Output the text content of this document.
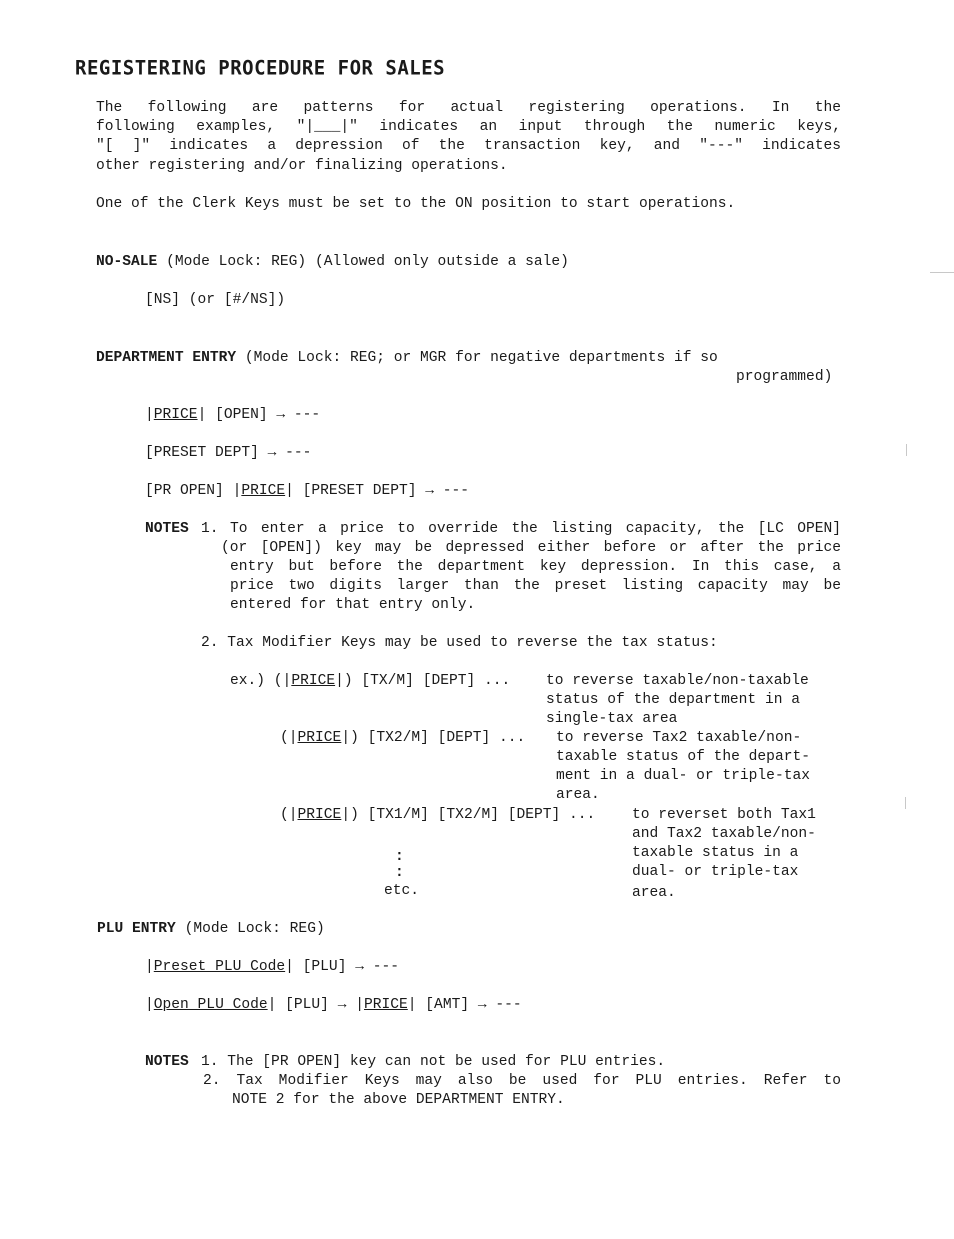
REGISTERING PROCEDURE FOR SALES

The following are patterns for actual registering operations. In the

following examples, "|___|" indicates an input through the numeric keys,

"[ ]" indicates a depression of the transaction key, and "---" indicates

other registering and/or finalizing operations.

One of the Clerk Keys must be set to the ON position to start operations.

NO-SALE (Mode Lock: REG) (Allowed only outside a sale)

[NS] (or [#/NS])

DEPARTMENT ENTRY (Mode Lock: REG; or MGR for negative departments if so

programmed)

|PRICE| [OPEN] → ---

[PRESET DEPT] → ---

[PR OPEN] |PRICE| [PRESET DEPT] → ---

NOTES 1. To enter a price to override the listing capacity, the [LC OPEN]

(or [OPEN]) key may be depressed either before or after the price

entry but before the department key depression. In this case, a

price two digits larger than the preset listing capacity may be

entered for that entry only.

2. Tax Modifier Keys may be used to reverse the tax status:

ex.) (|PRICE|) [TX/M] [DEPT] ... to reverse taxable/non-taxable

status of the department in a

single-tax area

(|PRICE|) [TX2/M] [DEPT] ... to reverse Tax2 taxable/non-

taxable status of the depart-

ment in a dual- or triple-tax

area.

(|PRICE|) [TX1/M] [TX2/M] [DEPT] ...	to reverset both Tax1

and Tax2 taxable/non-

taxable status in a

dual- or triple-tax

area.

:

:

etc.

PLU ENTRY (Mode Lock: REG)

|Preset PLU Code| [PLU] → ---

|Open PLU Code| [PLU] → |PRICE| [AMT] → ---

NOTES 1. The [PR OPEN] key can not be used for PLU entries.

2. Tax Modifier Keys may also be used for PLU entries. Refer to

NOTE 2 for the above DEPARTMENT ENTRY.
